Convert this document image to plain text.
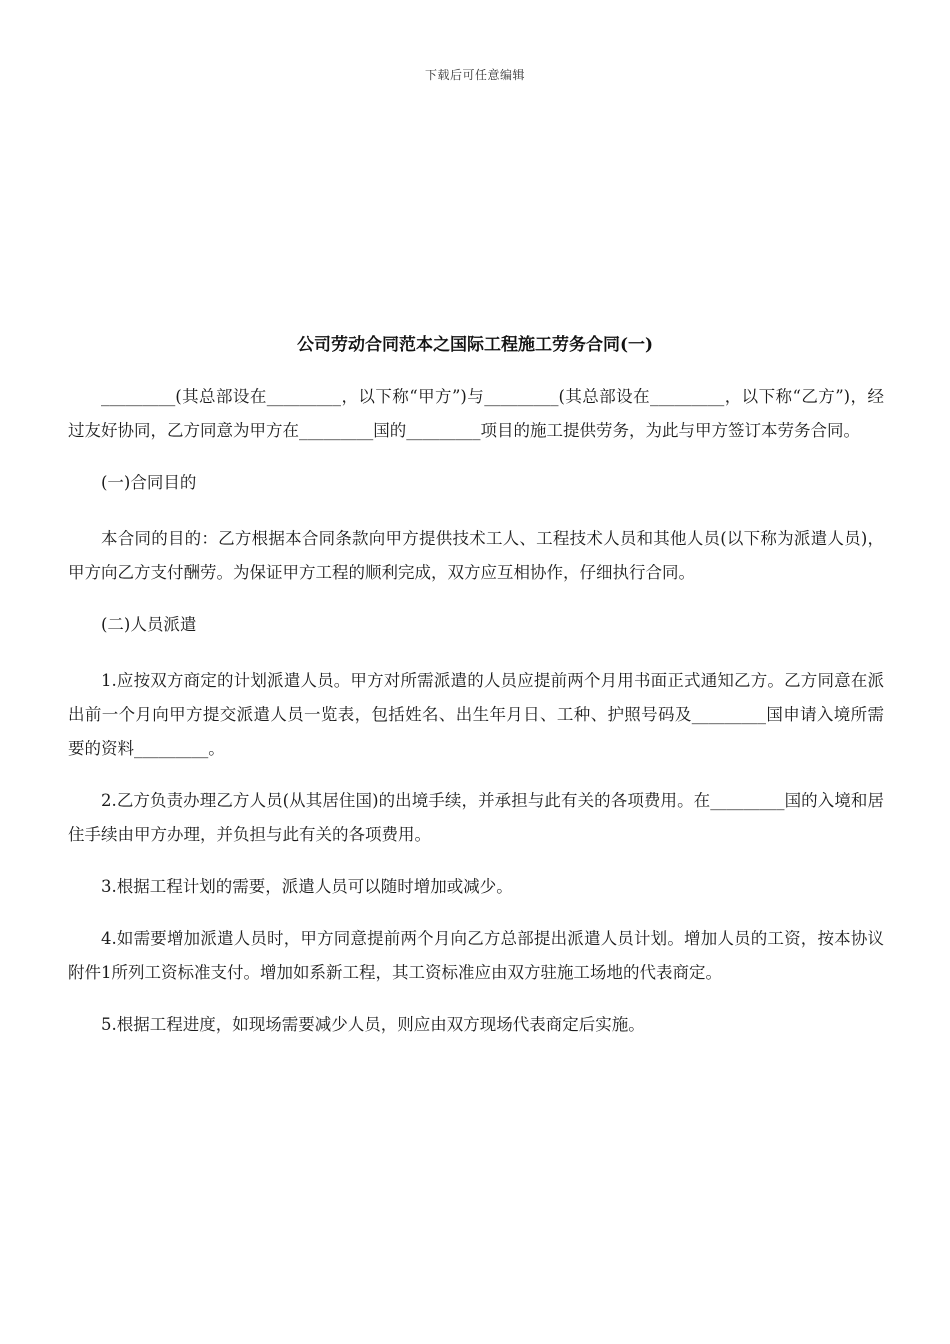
下载后可任意编辑
公司劳动合同范本之国际工程施工劳务合同(一)

_________(其总部设在_________，以下称“甲方”)与_________(其总部设在_________，以下称“乙方”)，经过友好协同，乙方同意为甲方在_________国的_________项目的施工提供劳务，为此与甲方签订本劳务合同。

(一)合同目的

本合同的目的：乙方根据本合同条款向甲方提供技术工人、工程技术人员和其他人员(以下称为派遣人员)，甲方向乙方支付酬劳。为保证甲方工程的顺利完成，双方应互相协作，仔细执行合同。

(二)人员派遣

1.应按双方商定的计划派遣人员。甲方对所需派遣的人员应提前两个月用书面正式通知乙方。乙方同意在派出前一个月向甲方提交派遣人员一览表，包括姓名、出生年月日、工种、护照号码及_________国申请入境所需要的资料_________。

2.乙方负责办理乙方人员(从其居住国)的出境手续，并承担与此有关的各项费用。在_________国的入境和居住手续由甲方办理，并负担与此有关的各项费用。

3.根据工程计划的需要，派遣人员可以随时增加或减少。

4.如需要增加派遣人员时，甲方同意提前两个月向乙方总部提出派遣人员计划。增加人员的工资，按本协议附件1所列工资标准支付。增加如系新工程，其工资标准应由双方驻施工场地的代表商定。

5.根据工程进度，如现场需要减少人员，则应由双方现场代表商定后实施。
